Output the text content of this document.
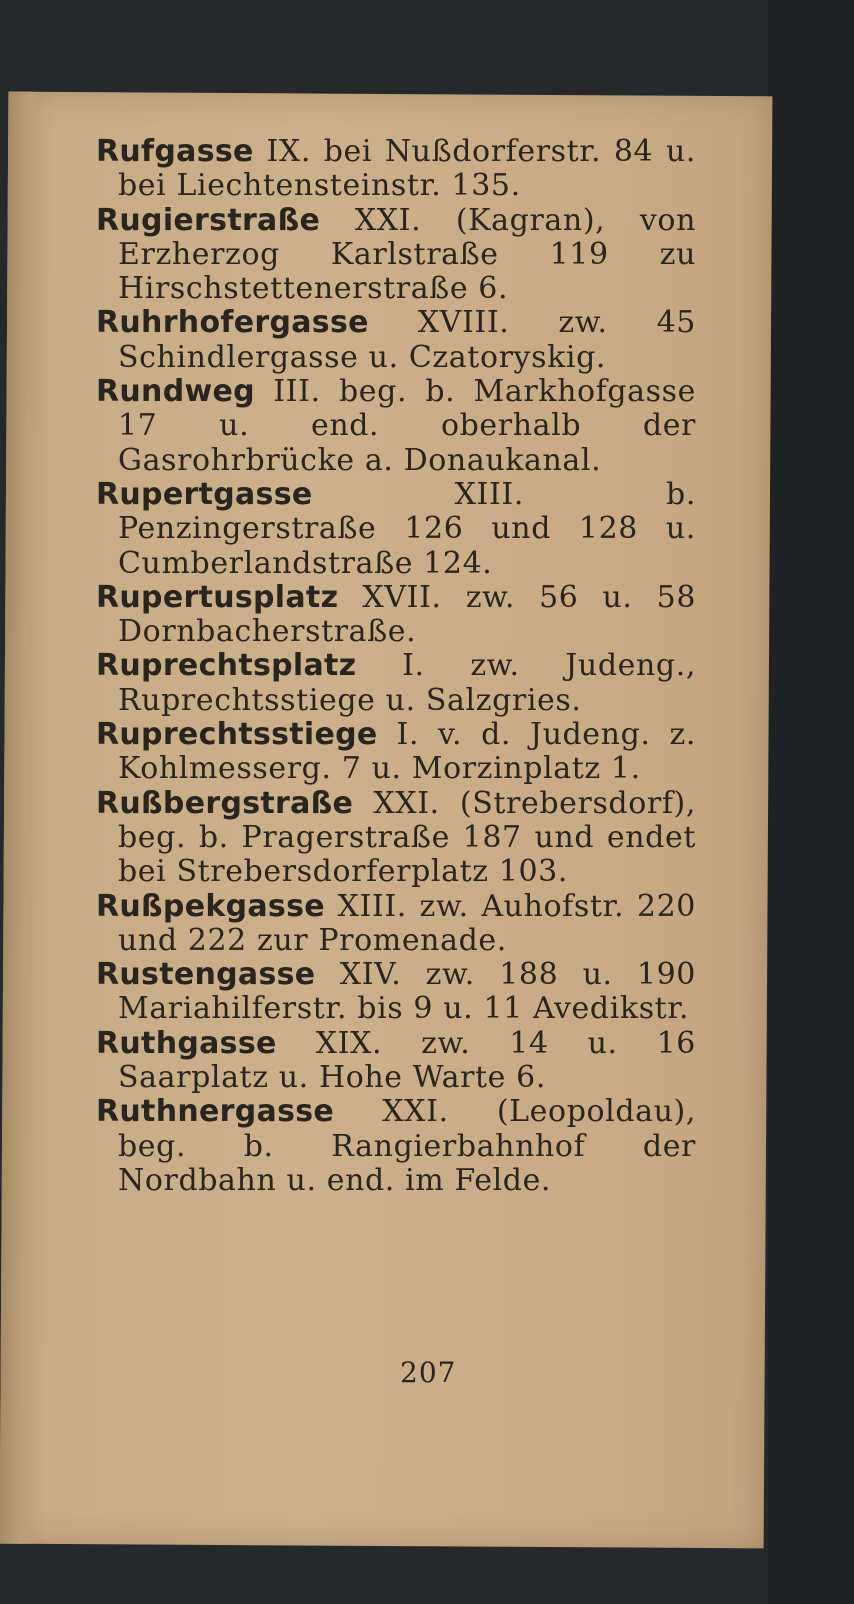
Rufgasse IX. bei Nußdorferstr. 84 u. bei Liechtensteinstr. 135.

Rugierstraße XXI. (Kagran), von Erzherzog Karlstraße 119 zu Hirschstettenerstraße 6.

Ruhrhofergasse XVIII. zw. 45 Schindlergasse u. Czatoryskig.

Rundweg III. beg. b. Markhofgasse 17 u. end. oberhalb der Gasrohrbrücke a. Donaukanal.

Rupertgasse	XIII. b. Penzingerstraße 126 und 128 u. Cumberlandstraße 124.

Rupertusplatz XVII. zw. 56 u. 58 Dornbacherstraße.

Ruprechtsplatz I. zw. Judeng., Ruprechtsstiege u. Salzgries.

Ruprechtsstiege I. v. d. Judeng. z. Kohlmesserg. 7 u. Morzinplatz 1.

Rußbergstraße XXI. (Strebersdorf), beg. b. Pragerstraße 187 und endet bei Strebersdorferplatz 103.

Rußpekgasse XIII. zw. Auhofstr. 220 und 222 zur Promenade.

Rustengasse XIV. zw. 188 u. 190 Mariahilferstr. bis 9 u. 11 Avedikstr.

Ruthgasse XIX. zw. 14 u. 16 Saarplatz u. Hohe Warte 6.

Ruthnergasse XXI. (Leopoldau), beg. b. Rangierbahnhof der Nordbahn u. end. im Felde.

207
